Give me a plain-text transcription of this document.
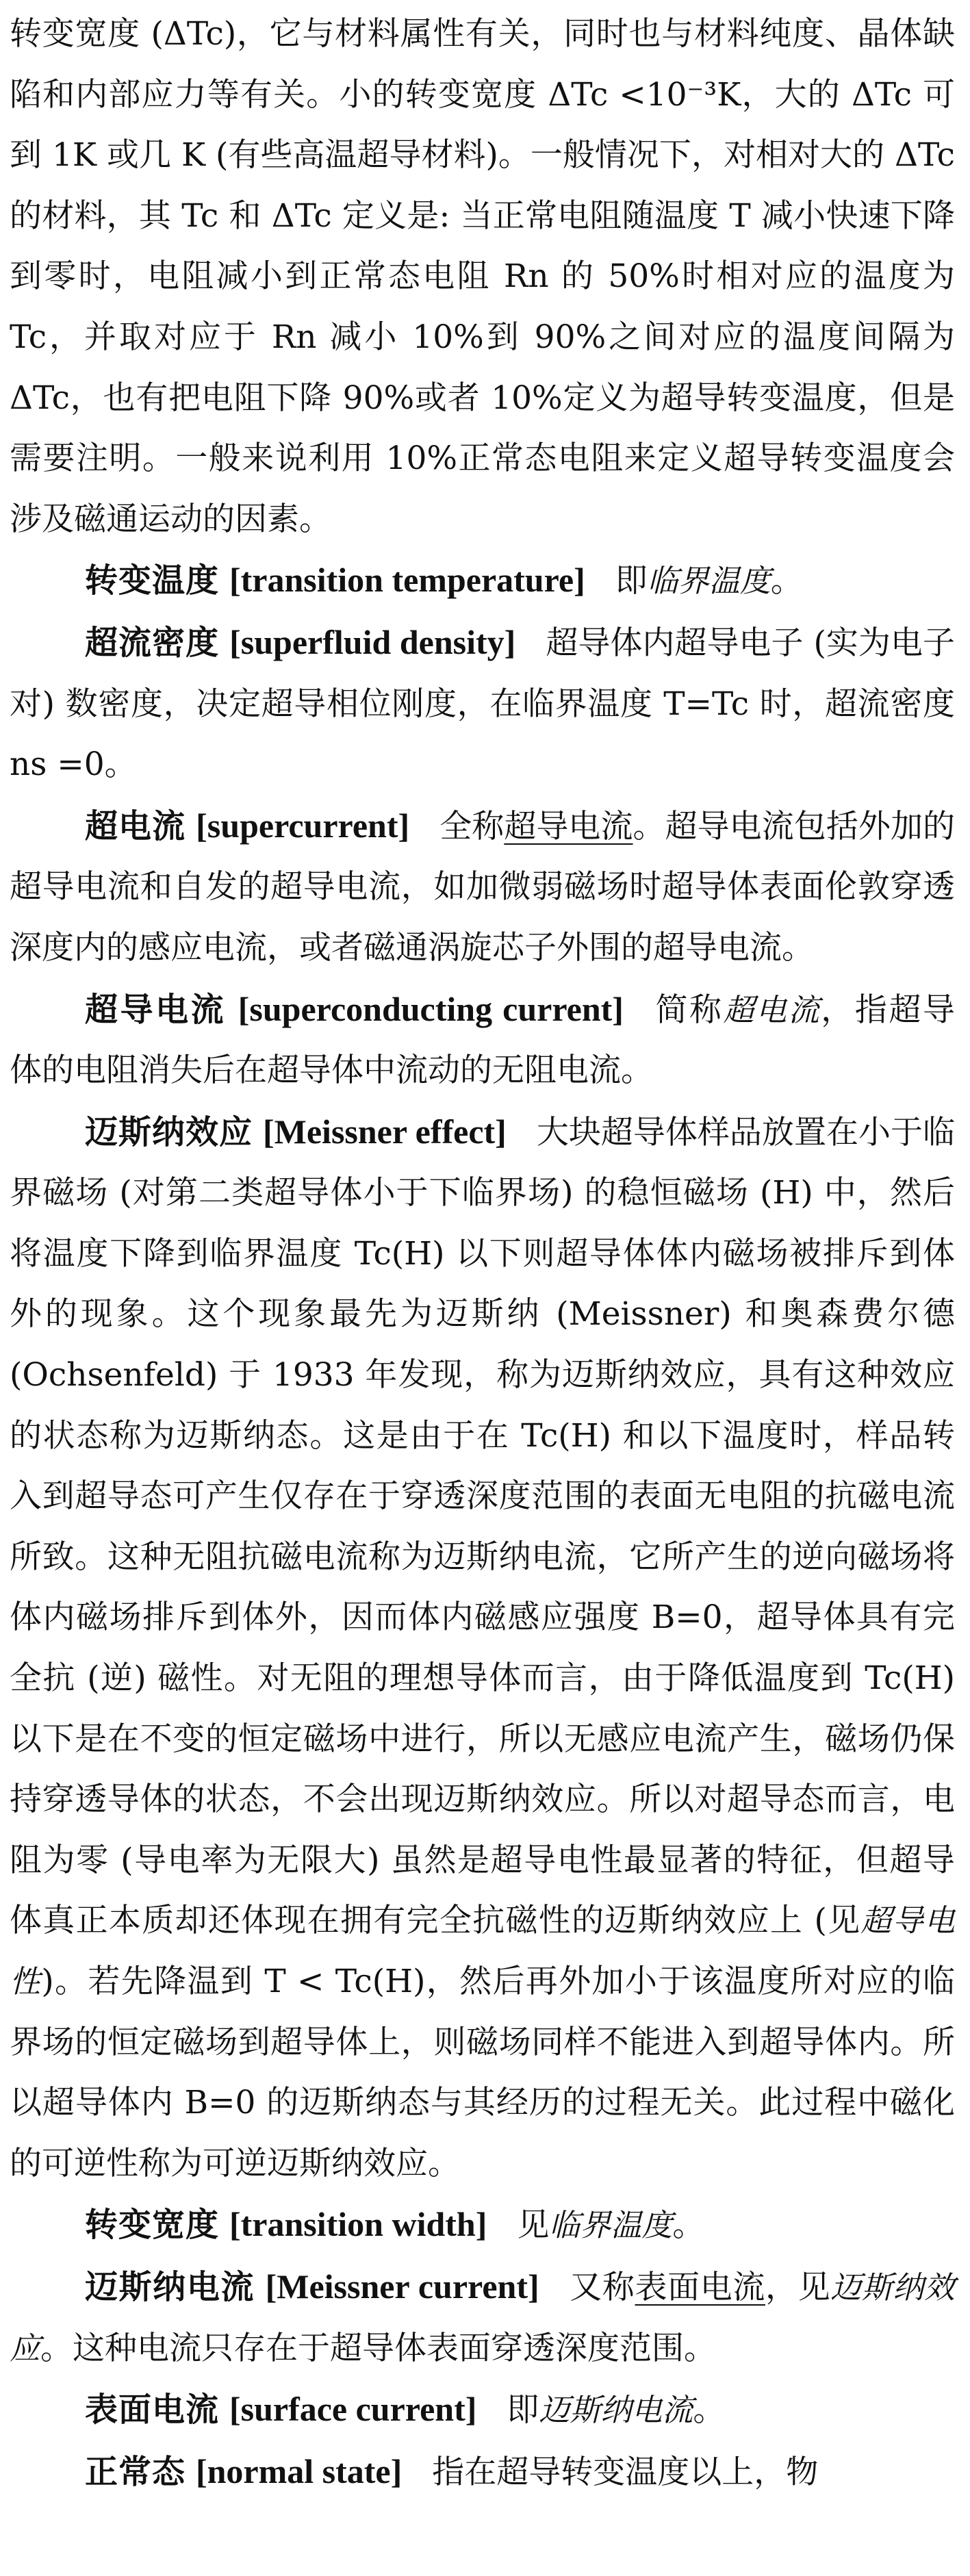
转变宽度 (ΔTc)，它与材料属性有关，同时也与材料纯度、晶体缺陷和内部应力等有关。小的转变宽度 ΔTc <10⁻³K，大的 ΔTc 可到 1K 或几 K (有些高温超导材料)。一般情况下，对相对大的 ΔTc 的材料，其 Tc 和 ΔTc 定义是: 当正常电阻随温度 T 减小快速下降到零时，电阻减小到正常态电阻 Rn 的 50%时相对应的温度为 Tc，并取对应于 Rn 减小 10%到 90%之间对应的温度间隔为 ΔTc，也有把电阻下降 90%或者 10%定义为超导转变温度，但是需要注明。一般来说利用 10%正常态电阻来定义超导转变温度会涉及磁通运动的因素。

转变温度 [transition temperature] 即临界温度。

超流密度 [superfluid density] 超导体内超导电子 (实为电子对) 数密度，决定超导相位刚度，在临界温度 T=Tc 时，超流密度 ns =0。

超电流 [supercurrent] 全称超导电流。超导电流包括外加的超导电流和自发的超导电流，如加微弱磁场时超导体表面伦敦穿透深度内的感应电流，或者磁通涡旋芯子外围的超导电流。

超导电流 [superconducting current] 简称超电流，指超导体的电阻消失后在超导体中流动的无阻电流。

迈斯纳效应 [Meissner effect] 大块超导体样品放置在小于临界磁场 (对第二类超导体小于下临界场) 的稳恒磁场 (H) 中，然后将温度下降到临界温度 Tc(H) 以下则超导体体内磁场被排斥到体外的现象。这个现象最先为迈斯纳 (Meissner) 和奥森费尔德 (Ochsenfeld) 于 1933 年发现，称为迈斯纳效应，具有这种效应的状态称为迈斯纳态。这是由于在 Tc(H) 和以下温度时，样品转入到超导态可产生仅存在于穿透深度范围的表面无电阻的抗磁电流所致。这种无阻抗磁电流称为迈斯纳电流，它所产生的逆向磁场将体内磁场排斥到体外，因而体内磁感应强度 B=0，超导体具有完全抗 (逆) 磁性。对无阻的理想导体而言，由于降低温度到 Tc(H) 以下是在不变的恒定磁场中进行，所以无感应电流产生，磁场仍保持穿透导体的状态，不会出现迈斯纳效应。所以对超导态而言，电阻为零 (导电率为无限大) 虽然是超导电性最显著的特征，但超导体真正本质却还体现在拥有完全抗磁性的迈斯纳效应上 (见超导电性)。若先降温到 T < Tc(H)，然后再外加小于该温度所对应的临界场的恒定磁场到超导体上，则磁场同样不能进入到超导体内。所以超导体内 B=0 的迈斯纳态与其经历的过程无关。此过程中磁化的可逆性称为可逆迈斯纳效应。

转变宽度 [transition width] 见临界温度。

迈斯纳电流 [Meissner current] 又称表面电流，见迈斯纳效应。这种电流只存在于超导体表面穿透深度范围。

表面电流 [surface current] 即迈斯纳电流。

正常态 [normal state] 指在超导转变温度以上，物
